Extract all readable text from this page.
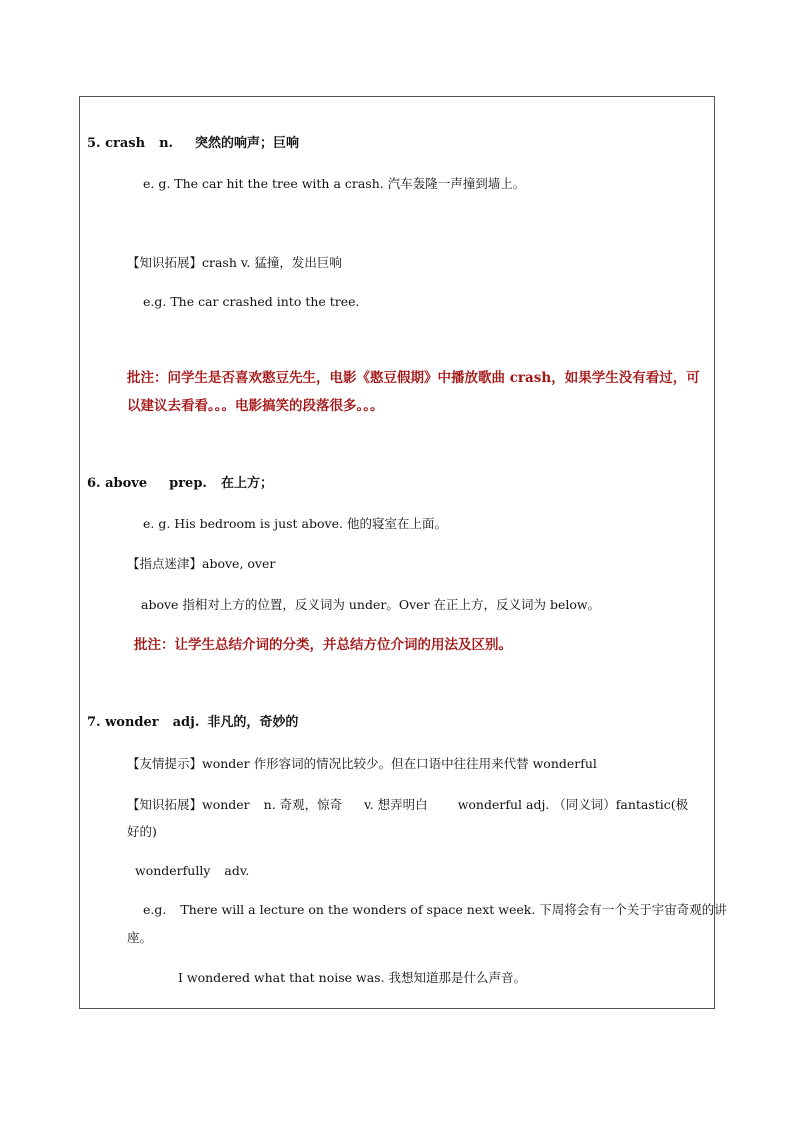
5. crash n. 突然的响声；巨响
e. g. The car hit the tree with a crash. 汽车轰隆一声撞到墙上。
【知识拓展】crash v. 猛撞，发出巨响
e.g. The car crashed into the tree.
批注：问学生是否喜欢憨豆先生，电影《憨豆假期》中播放歌曲 crash，如果学生没有看过，可
以建议去看看。。。电影搞笑的段落很多。。。
6. above prep. 在上方；
e. g. His bedroom is just above. 他的寝室在上面。
【指点迷津】above, over
above 指相对上方的位置，反义词为 under。Over 在正上方，反义词为 below。
批注：让学生总结介词的分类，并总结方位介词的用法及区别。
7. wonder adj. 非凡的，奇妙的
【友情提示】wonder 作形容词的情况比较少。但在口语中往往用来代替 wonderful
【知识拓展】wonder n. 奇观，惊奇 v. 想弄明白 wonderful adj. （同义词）fantastic(极
好的)
wonderfully adv.
e.g. There will a lecture on the wonders of space next week. 下周将会有一个关于宇宙奇观的讲
座。
I wondered what that noise was. 我想知道那是什么声音。
